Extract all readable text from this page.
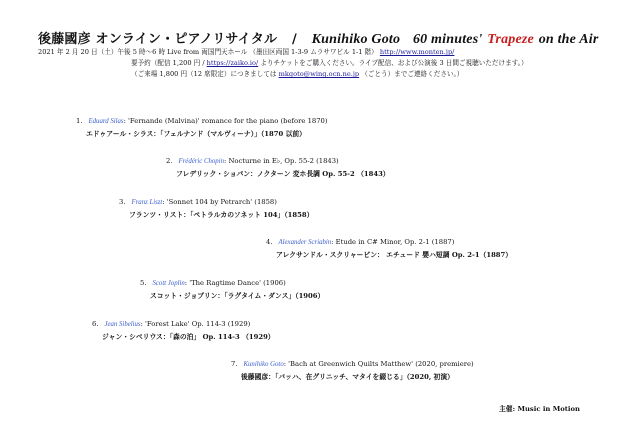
後藤國彦 オンライン・ピアノリサイタル / Kunihiko Goto 60 minutes' Trapeze on the Air
2021 年 2 月 20 日（土）午後 5 時〜6 時 Live from 両国門天ホール （墨田区両国 1-3-9 ムラサワビル 1-1 階） http://www.monten.jp/
要予約（配信 1,200 円 / https://zaiko.io/ よりチケットをご購入ください。ライブ配信、および公演後 3 日間ご視聴いただけます。）
（ご来場 1,800 円（12 席限定）につきましては mkgoto@wing.ocn.ne.jp （ごとう）までご連絡ください。）
1. Eduard Silas: 'Fernande (Malvina)' romance for the piano (before 1870)
エドゥアール・シラス：「フェルナンド（マルヴィーナ）」（1870 以前）
2. Frédéric Chopin: Nocturne in E♭, Op. 55-2 (1843)
フレデリック・ショパン：ノクターン 変ホ長調 Op. 55-2 （1843）
3. Franz Liszt: 'Sonnet 104 by Petrarch' (1858)
フランツ・リスト：「ペトラルカのソネット 104」（1858）
4. Alexander Scriabin: Etude in C# Minor, Op. 2-1 (1887)
アレクサンドル・スクリャービン： エチュード 嬰ハ短調 Op. 2-1（1887）
5. Scott Joplin: 'The Ragtime Dance' (1906)
スコット・ジョプリン：「ラグタイム・ダンス」（1906）
6. Jean Sibelius: 'Forest Lake' Op. 114-3 (1929)
ジャン・シベリウス：「森の泊」 Op. 114-3 （1929）
7. Kunihiko Goto: 'Bach at Greenwich Quilts Matthew' (2020, premiere)
後藤國彦：「バッハ、在グリニッチ、マタイを綴じる」（2020, 初演）
主催: Music in Motion
